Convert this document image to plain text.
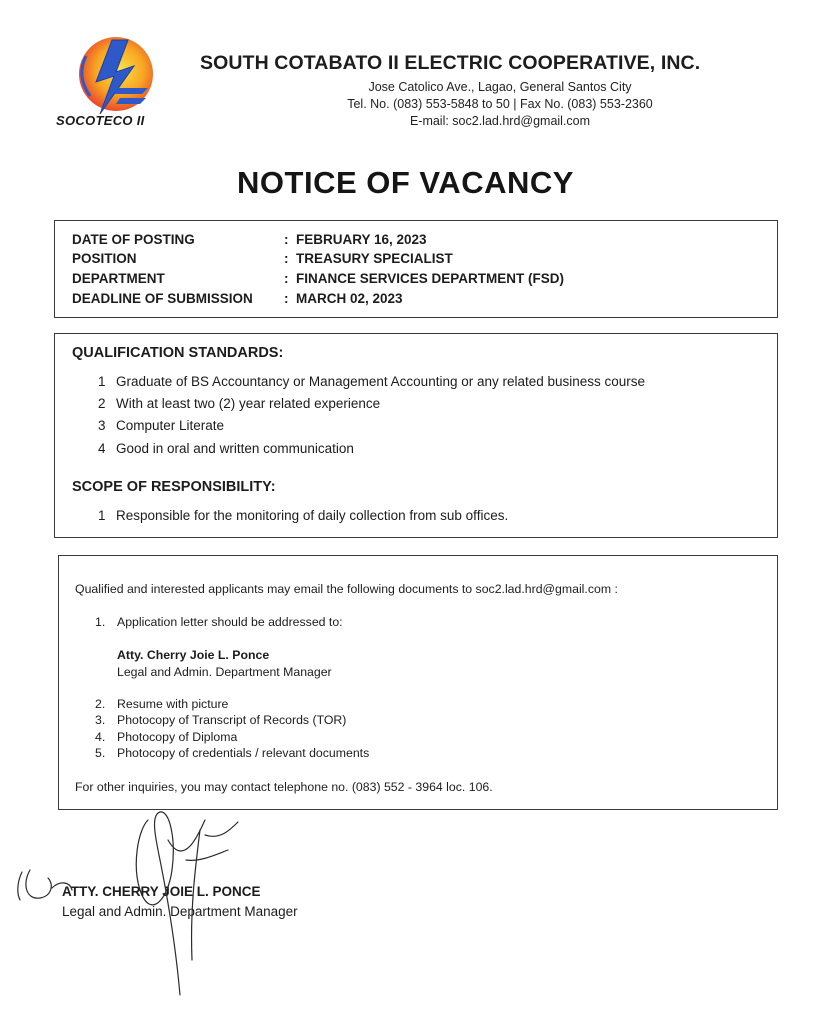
SOCOTECO II
SOUTH COTABATO II ELECTRIC COOPERATIVE, INC.
Jose Catolico Ave., Lagao, General Santos City
Tel. No. (083) 553-5848 to 50 | Fax No. (083) 553-2360
E-mail: soc2.lad.hrd@gmail.com
NOTICE OF VACANCY
DATE OF POSTING	: FEBRUARY 16, 2023
POSITION	: TREASURY SPECIALIST
DEPARTMENT	: FINANCE SERVICES DEPARTMENT (FSD)
DEADLINE OF SUBMISSION : MARCH 02, 2023
QUALIFICATION STANDARDS:
1 Graduate of BS Accountancy or Management Accounting or any related business course
2 With at least two (2) year related experience
3 Computer Literate
4 Good in oral and written communication
SCOPE OF RESPONSIBILITY:
1 Responsible for the monitoring of daily collection from sub offices.
Qualified and interested applicants may email the following documents to soc2.lad.hrd@gmail.com :
1. Application letter should be addressed to:
Atty. Cherry Joie L. Ponce
Legal and Admin. Department Manager
2. Resume with picture
3. Photocopy of Transcript of Records (TOR)
4. Photocopy of Diploma
5. Photocopy of credentials / relevant documents
For other inquiries, you may contact telephone no. (083) 552 - 3964 loc. 106.
ATTY. CHERRY JOIE L. PONCE
Legal and Admin. Department Manager
